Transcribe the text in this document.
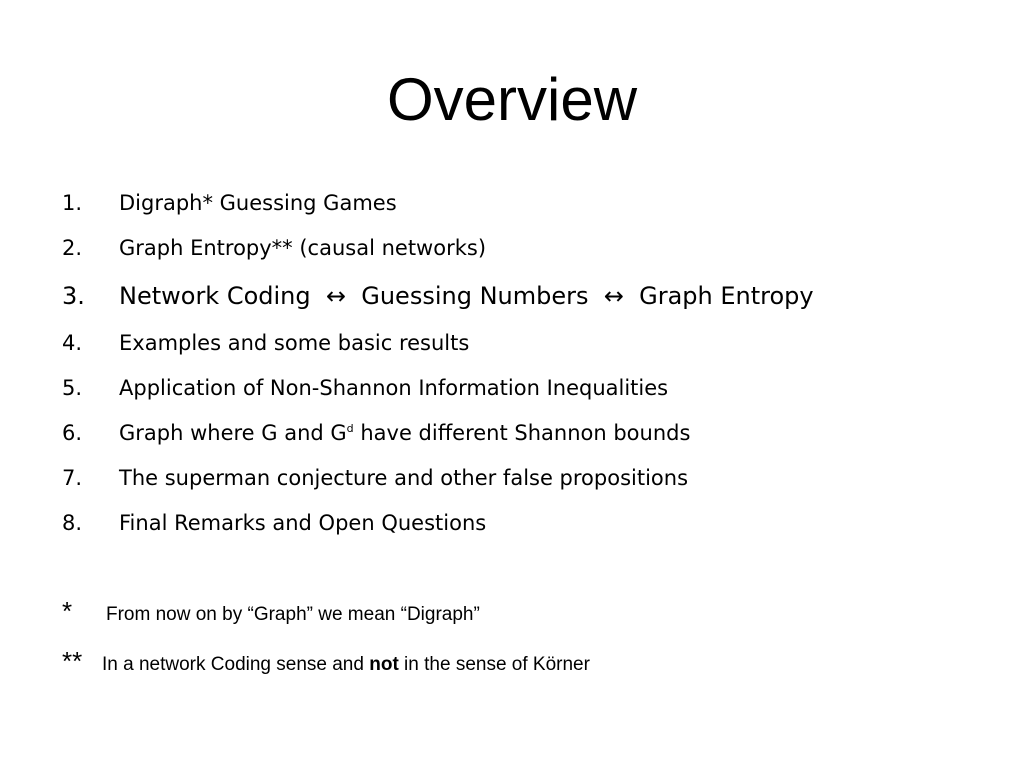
Overview
1. Digraph* Guessing Games
2. Graph Entropy** (causal networks)
3. Network Coding  ↔  Guessing Numbers  ↔  Graph Entropy
4. Examples and some basic results
5. Application of Non-Shannon Information Inequalities
6. Graph where G and $G^d$ have different Shannon bounds
7. The superman conjecture and other false propositions
8. Final Remarks and Open Questions
* From now on by “Graph” we mean “Digraph”
** In a network Coding sense and not in the sense of Körner
